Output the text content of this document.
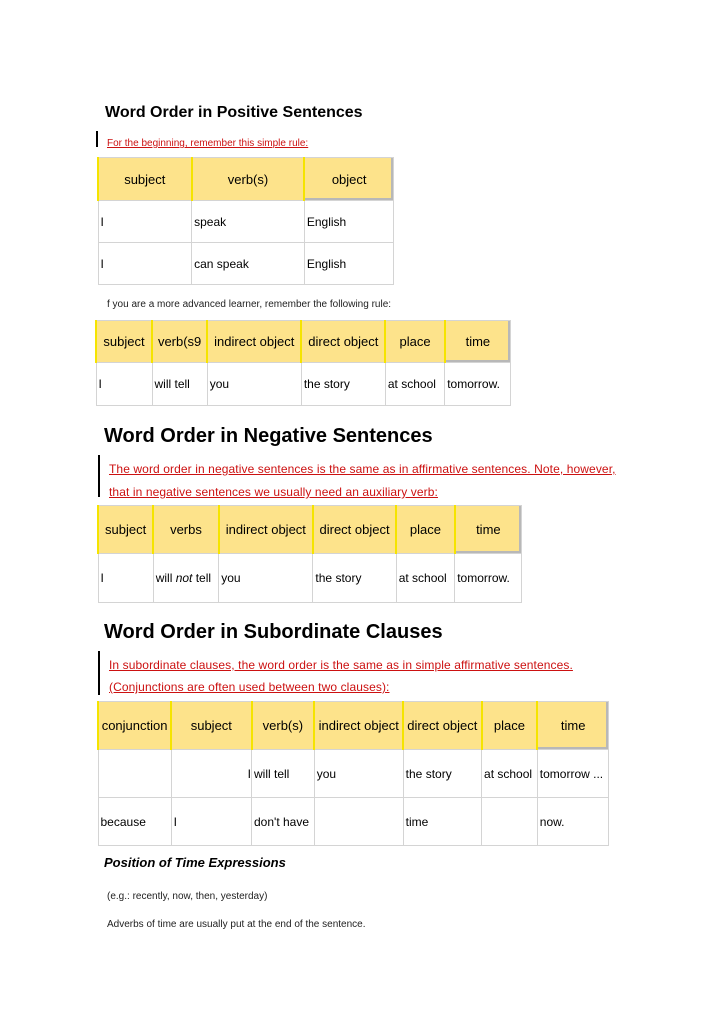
Word Order in Positive Sentences
For the beginning, remember this simple rule:
subject	verb(s)	object
I	speak	English
I	can speak	English
f you are a more advanced learner, remember the following rule:
subject	verb(s9	indirect object	direct object	place	time
I	will tell	you	the story	at school	tomorrow.
Word Order in Negative Sentences
The word order in negative sentences is the same as in affirmative sentences. Note, however,
that in negative sentences we usually need an auxiliary verb:
subject	verbs	indirect object	direct object	place	time
I	will not tell	you	the story	at school	tomorrow.
Word Order in Subordinate Clauses
In subordinate clauses, the word order is the same as in simple affirmative sentences.
(Conjunctions are often used between two clauses):
conjunction	subject	verb(s)	indirect object	direct object	place	time
	I	will tell	you	the story	at school	tomorrow ...
because	I	don't have		time		now.
Position of Time Expressions
(e.g.: recently, now, then, yesterday)
Adverbs of time are usually put at the end of the sentence.
